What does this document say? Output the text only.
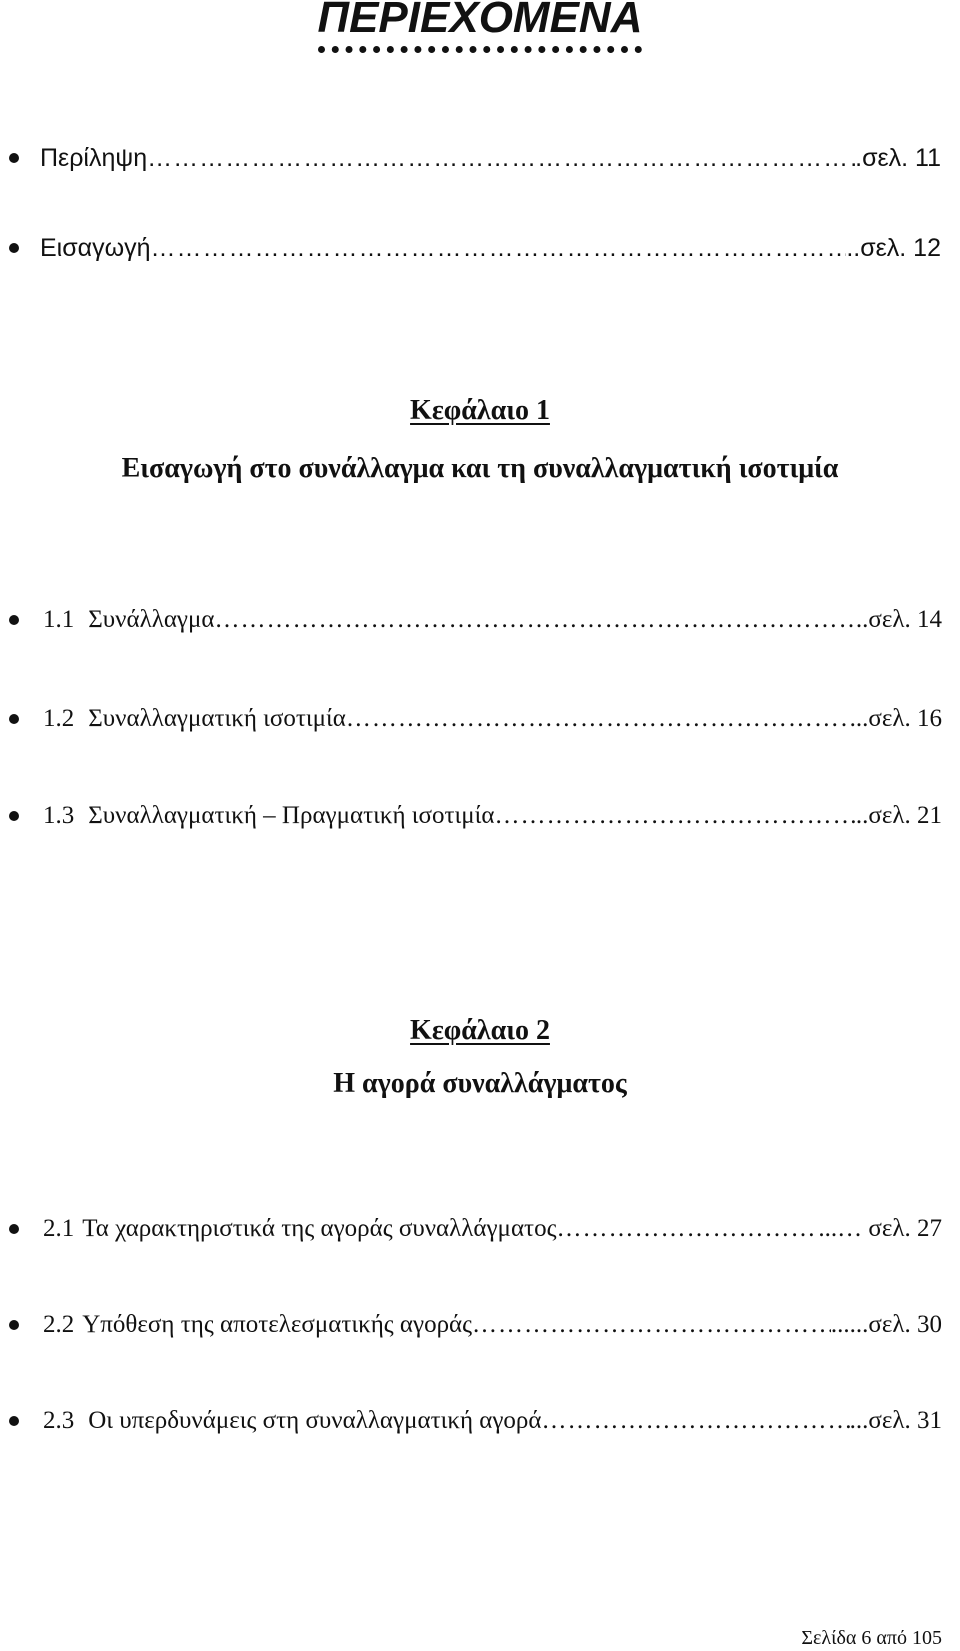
ΠΕΡΙΕΧΟΜΕΝΑ
Περίληψη …………………………………………………………………………………………………………………………………………………………………………………	.σελ. 11
Εισαγωγή …………………………………………………………………………………………………………………………………………………………………………………	..σελ. 12
Κεφάλαιο 1
Εισαγωγή στο συνάλλαγμα και τη συναλλαγματική ισοτιμία
1.1 Συνάλλαγμα …………………………………………………………………………………………………………………………………………………………………………………	..σελ. 14
1.2 Συναλλαγματική ισοτιμία …………………………………………………………………………………………………………………………………………………………………………………	...σελ. 16
1.3 Συναλλαγματική – Πραγματική ισοτιμία …………………………………………………………………………………………………………………………………………………………………………………	..σελ. 21
Κεφάλαιο 2
Η αγορά συναλλάγματος
2.1 Τα χαρακτηριστικά της αγοράς συναλλάγματος …………………………………………………………………………………………………………………………………………………………………………………	...… σελ. 27
2.2 Υπόθεση της αποτελεσματικής αγοράς …………………………………………………………………………………………………………………………………………………………………………………	......σελ. 30
2.3 Οι υπερδυνάμεις στη συναλλαγματική αγορά …………………………………………………………………………………………………………………………………………………………………………………	...σελ. 31
Σελίδα 6 από 105
